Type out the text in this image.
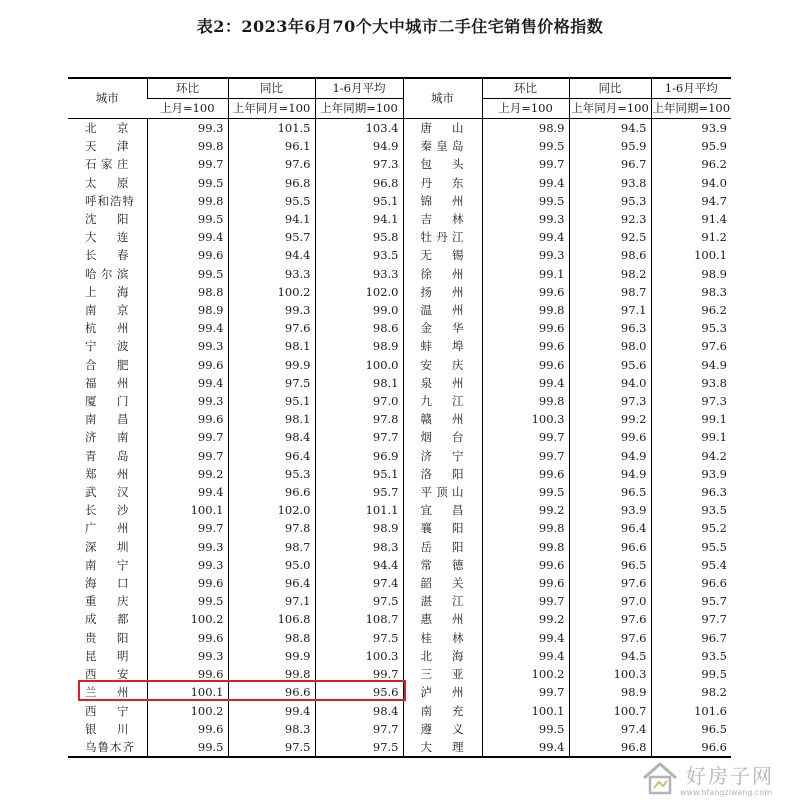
表2：2023年6月70个大中城市二手住宅销售价格指数
城市	环比	同比	1-6月平均	城市	环比	同比	1-6月平均
	上月=100	上年同月=100	上年同期=100		上月=100	上年同月=100	上年同期=100
北京	99.3	101.5	103.4	唐山	98.9	94.5	93.9
天津	99.8	96.1	94.9	秦皇岛	99.5	95.9	95.9
石家庄	99.7	97.6	97.3	包头	99.7	96.7	96.2
太原	99.5	96.8	96.8	丹东	99.4	93.8	94.0
呼和浩特	99.8	95.5	95.1	锦州	99.5	95.3	94.7
沈阳	99.5	94.1	94.1	吉林	99.3	92.3	91.4
大连	99.4	95.7	95.8	牡丹江	99.4	92.5	91.2
长春	99.6	94.4	93.5	无锡	99.3	98.6	100.1
哈尔滨	99.5	93.3	93.3	徐州	99.1	98.2	98.9
上海	98.8	100.2	102.0	扬州	99.6	98.7	98.3
南京	98.9	99.3	99.0	温州	99.8	97.1	96.2
杭州	99.4	97.6	98.6	金华	99.6	96.3	95.3
宁波	99.3	98.1	98.9	蚌埠	99.6	98.0	97.6
合肥	99.6	99.9	100.0	安庆	99.6	95.6	94.9
福州	99.4	97.5	98.1	泉州	99.4	94.0	93.8
厦门	99.3	95.1	97.0	九江	99.8	97.3	97.3
南昌	99.6	98.1	97.8	赣州	100.3	99.2	99.1
济南	99.7	98.4	97.7	烟台	99.7	99.6	99.1
青岛	99.7	96.4	96.9	济宁	99.7	94.9	94.2
郑州	99.2	95.3	95.1	洛阳	99.6	94.9	93.9
武汉	99.4	96.6	95.7	平顶山	99.5	96.5	96.3
长沙	100.1	102.0	101.1	宜昌	99.2	93.9	93.5
广州	99.7	97.8	98.9	襄阳	99.8	96.4	95.2
深圳	99.3	98.7	98.3	岳阳	99.8	96.6	95.5
南宁	99.3	95.0	94.4	常德	99.6	96.5	95.4
海口	99.6	96.4	97.4	韶关	99.6	97.6	96.6
重庆	99.5	97.1	97.5	湛江	99.7	97.0	95.7
成都	100.2	106.8	108.7	惠州	99.2	97.6	97.7
贵阳	99.6	98.8	97.5	桂林	99.4	97.6	96.7
昆明	99.3	99.9	100.3	北海	99.4	94.5	93.5
西安	99.6	99.8	99.7	三亚	100.2	100.3	99.5
兰州	100.1	96.6	95.6	泸州	99.7	98.9	98.2
西宁	100.2	99.4	98.4	南充	100.1	100.7	101.6
银川	99.6	98.3	97.7	遵义	99.5	97.4	96.5
乌鲁木齐	99.5	97.5	97.5	大理	99.4	96.8	96.6
好房子网
www.hfangziwang.com
